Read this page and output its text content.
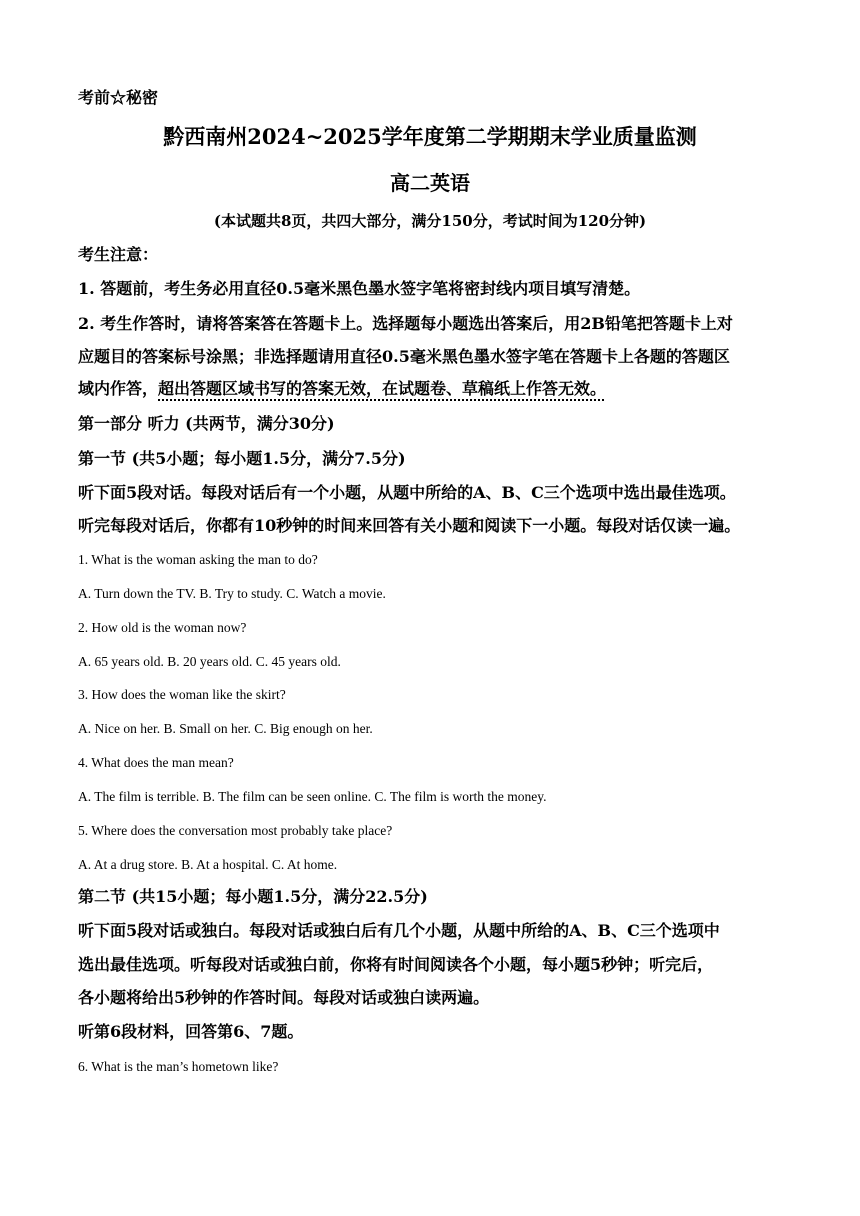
考前☆秘密
黔西南州2024~2025学年度第二学期期末学业质量监测
高二英语
(本试题共8页，共四大部分，满分150分，考试时间为120分钟)
考生注意：
1. 答题前，考生务必用直径0.5毫米黑色墨水签字笔将密封线内项目填写清楚。
2. 考生作答时，请将答案答在答题卡上。选择题每小题选出答案后，用2B铅笔把答题卡上对
应题目的答案标号涂黑；非选择题请用直径0.5毫米黑色墨水签字笔在答题卡上各题的答题区
域内作答，超出答题区域书写的答案无效，在试题卷、草稿纸上作答无效。
第一部分 听力 (共两节，满分30分)
第一节 (共5小题；每小题1.5分，满分7.5分)
听下面5段对话。每段对话后有一个小题，从题中所给的A、B、C三个选项中选出最佳选项。
听完每段对话后，你都有10秒钟的时间来回答有关小题和阅读下一小题。每段对话仅读一遍。
1. What is the woman asking the man to do?
A. Turn down the TV. B. Try to study. C. Watch a movie.
2. How old is the woman now?
A. 65 years old. B. 20 years old. C. 45 years old.
3. How does the woman like the skirt?
A. Nice on her. B. Small on her. C. Big enough on her.
4. What does the man mean?
A. The film is terrible. B. The film can be seen online. C. The film is worth the money.
5. Where does the conversation most probably take place?
A. At a drug store. B. At a hospital. C. At home.
第二节 (共15小题；每小题1.5分，满分22.5分)
听下面5段对话或独白。每段对话或独白后有几个小题，从题中所给的A、B、C三个选项中
选出最佳选项。听每段对话或独白前，你将有时间阅读各个小题，每小题5秒钟；听完后，
各小题将给出5秒钟的作答时间。每段对话或独白读两遍。
听第6段材料，回答第6、7题。
6. What is the man’s hometown like?
